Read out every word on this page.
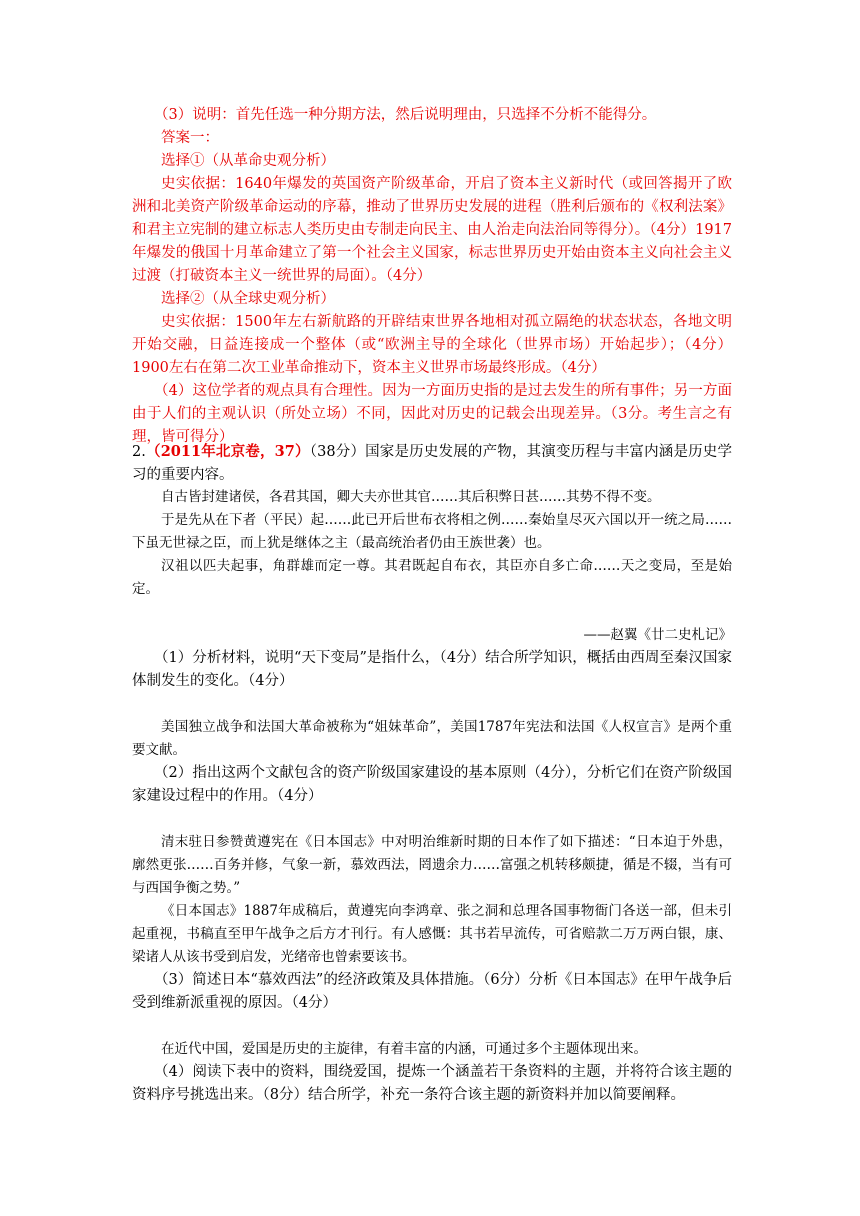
（3）说明：首先任选一种分期方法，然后说明理由，只选择不分析不能得分。

答案一：

选择①（从革命史观分析）

史实依据：1640年爆发的英国资产阶级革命，开启了资本主义新时代（或回答揭开了欧洲和北美资产阶级革命运动的序幕，推动了世界历史发展的进程（胜利后颁布的《权利法案》和君主立宪制的建立标志人类历史由专制走向民主、由人治走向法治同等得分）。（4分）1917年爆发的俄国十月革命建立了第一个社会主义国家，标志世界历史开始由资本主义向社会主义过渡（打破资本主义一统世界的局面）。（4分）

选择②（从全球史观分析）

史实依据：1500年左右新航路的开辟结束世界各地相对孤立隔绝的状态状态，各地文明开始交融，日益连接成一个整体（或“欧洲主导的全球化（世界市场）开始起步）；（4分）1900左右在第二次工业革命推动下，资本主义世界市场最终形成。（4分）

（4）这位学者的观点具有合理性。因为一方面历史指的是过去发生的所有事件；另一方面由于人们的主观认识（所处立场）不同，因此对历史的记载会出现差异。（3分。考生言之有理，皆可得分）

2.（2011年北京卷，37）（38分）国家是历史发展的产物，其演变历程与丰富内涵是历史学习的重要内容。

自古皆封建诸侯，各君其国，卿大夫亦世其官……其后积弊日甚……其势不得不变。

于是先从在下者（平民）起……此已开后世布衣将相之例……秦始皇尽灭六国以开一统之局……下虽无世禄之臣，而上犹是继体之主（最高统治者仍由王族世袭）也。

汉祖以匹夫起事，角群雄而定一尊。其君既起自布衣，其臣亦自多亡命……天之变局，至是始定。

——赵翼《廿二史札记》

（1）分析材料，说明“天下变局”是指什么，（4分）结合所学知识，概括由西周至秦汉国家体制发生的变化。（4分）

美国独立战争和法国大革命被称为“姐妹革命”，美国1787年宪法和法国《人权宣言》是两个重要文献。

（2）指出这两个文献包含的资产阶级国家建设的基本原则（4分），分析它们在资产阶级国家建设过程中的作用。（4分）

清末驻日参赞黄遵宪在《日本国志》中对明治维新时期的日本作了如下描述：“日本迫于外患，廓然更张……百务并修，气象一新，慕效西法，罔遗余力……富强之机转移颇捷，循是不辍，当有可与西国争衡之势。”

《日本国志》1887年成稿后，黄遵宪向李鸿章、张之洞和总理各国事物衙门各送一部，但未引起重视，书稿直至甲午战争之后方才刊行。有人感慨：其书若早流传，可省赔款二万万两白银，康、梁诸人从该书受到启发，光绪帝也曾索要该书。

（3）简述日本“慕效西法”的经济政策及具体措施。（6分）分析《日本国志》在甲午战争后受到维新派重视的原因。（4分）

在近代中国，爱国是历史的主旋律，有着丰富的内涵，可通过多个主题体现出来。

（4）阅读下表中的资料，围绕爱国，提炼一个涵盖若干条资料的主题，并将符合该主题的资料序号挑选出来。（8分）结合所学，补充一条符合该主题的新资料并加以简要阐释。
